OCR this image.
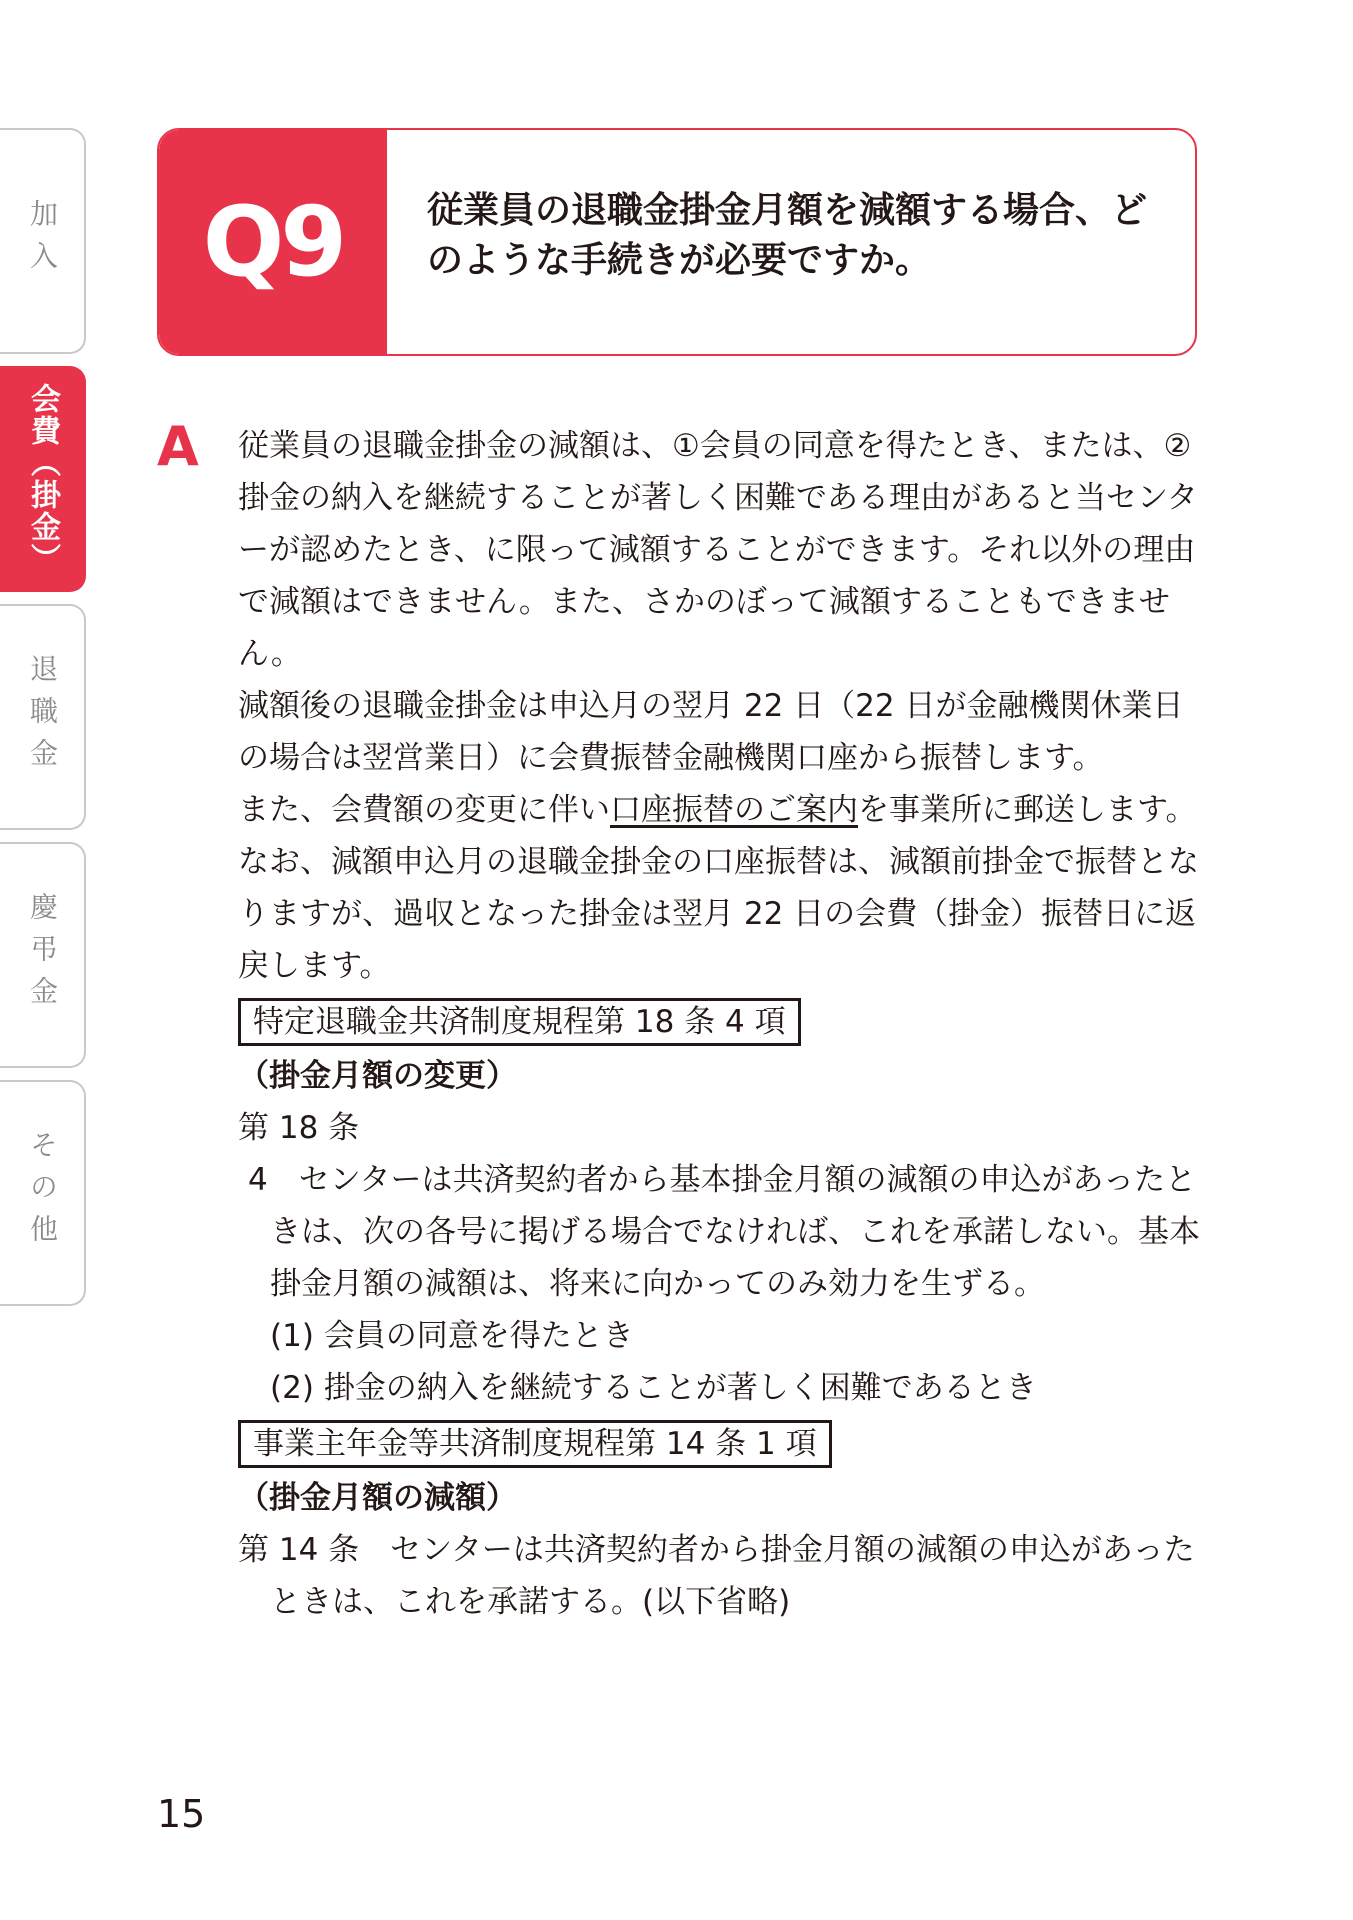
加入
会費（掛金）
退職金
慶弔金
その他
Q9	従業員の退職金掛金月額を減額する場合、どのような手続きが必要ですか。
A 従業員の退職金掛金の減額は、①会員の同意を得たとき、または、②掛金の納入を継続することが著しく困難である理由があると当センターが認めたとき、に限って減額することができます。それ以外の理由で減額はできません。また、さかのぼって減額することもできません。

減額後の退職金掛金は申込月の翌月 22 日（22 日が金融機関休業日の場合は翌営業日）に会費振替金融機関口座から振替します。

また、会費額の変更に伴い口座振替のご案内を事業所に郵送します。

なお、減額申込月の退職金掛金の口座振替は、減額前掛金で振替となりますが、過収となった掛金は翌月 22 日の会費（掛金）振替日に返戻します。

特定退職金共済制度規程第 18 条 4 項

（掛金月額の変更）

第 18 条

4　センターは共済契約者から基本掛金月額の減額の申込があったときは、次の各号に掲げる場合でなければ、これを承諾しない。基本掛金月額の減額は、将来に向かってのみ効力を生ずる。

(1) 会員の同意を得たとき

(2) 掛金の納入を継続することが著しく困難であるとき

事業主年金等共済制度規程第 14 条 1 項

（掛金月額の減額）

第 14 条　センターは共済契約者から掛金月額の減額の申込があったときは、これを承諾する。(以下省略)

15
